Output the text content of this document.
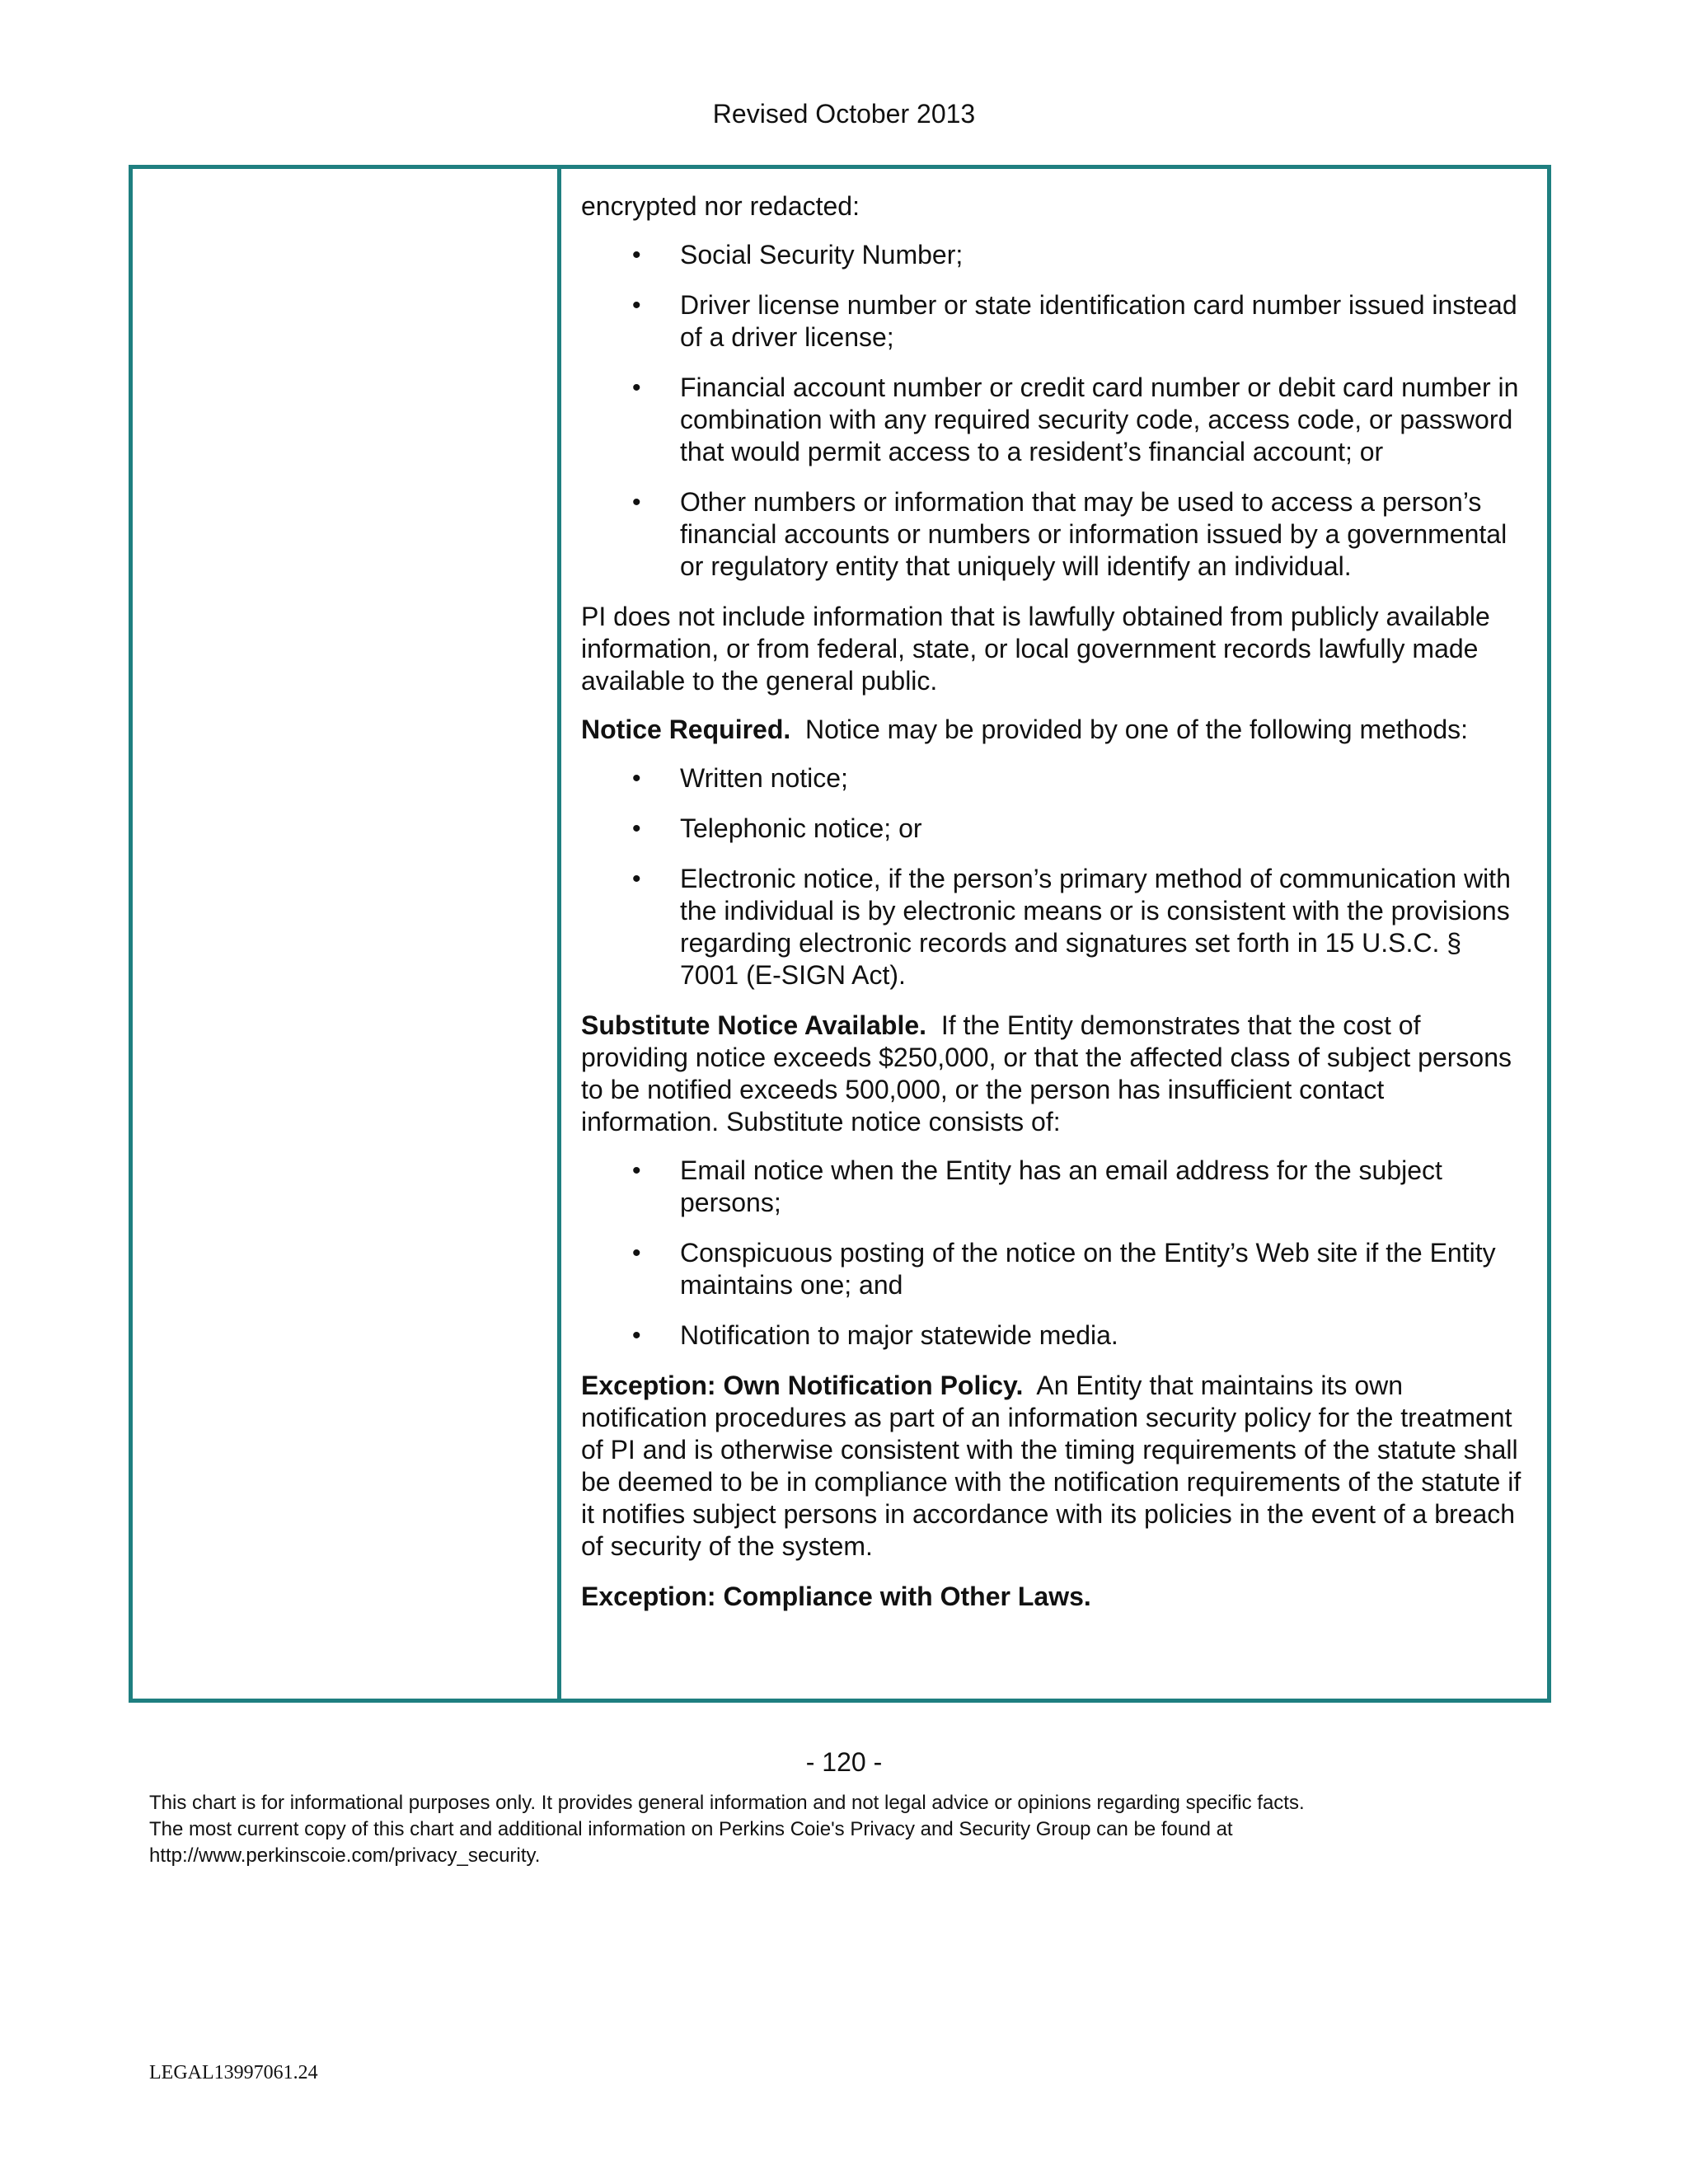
Revised October 2013

encrypted nor redacted:

• Social Security Number;
• Driver license number or state identification card number issued instead of a driver license;
• Financial account number or credit card number or debit card number in combination with any required security code, access code, or password that would permit access to a resident’s financial account; or
• Other numbers or information that may be used to access a person’s financial accounts or numbers or information issued by a governmental or regulatory entity that uniquely will identify an individual.

PI does not include information that is lawfully obtained from publicly available information, or from federal, state, or local government records lawfully made available to the general public.

Notice Required. Notice may be provided by one of the following methods:

• Written notice;
• Telephonic notice; or
• Electronic notice, if the person’s primary method of communication with the individual is by electronic means or is consistent with the provisions regarding electronic records and signatures set forth in 15 U.S.C. § 7001 (E-SIGN Act).

Substitute Notice Available. If the Entity demonstrates that the cost of providing notice exceeds $250,000, or that the affected class of subject persons to be notified exceeds 500,000, or the person has insufficient contact information. Substitute notice consists of:

• Email notice when the Entity has an email address for the subject persons;
• Conspicuous posting of the notice on the Entity’s Web site if the Entity maintains one; and
• Notification to major statewide media.

Exception: Own Notification Policy. An Entity that maintains its own notification procedures as part of an information security policy for the treatment of PI and is otherwise consistent with the timing requirements of the statute shall be deemed to be in compliance with the notification requirements of the statute if it notifies subject persons in accordance with its policies in the event of a breach of security of the system.

Exception: Compliance with Other Laws.

- 120 -
This chart is for informational purposes only. It provides general information and not legal advice or opinions regarding specific facts.
The most current copy of this chart and additional information on Perkins Coie's Privacy and Security Group can be found at
http://www.perkinscoie.com/privacy_security.
LEGAL13997061.24
